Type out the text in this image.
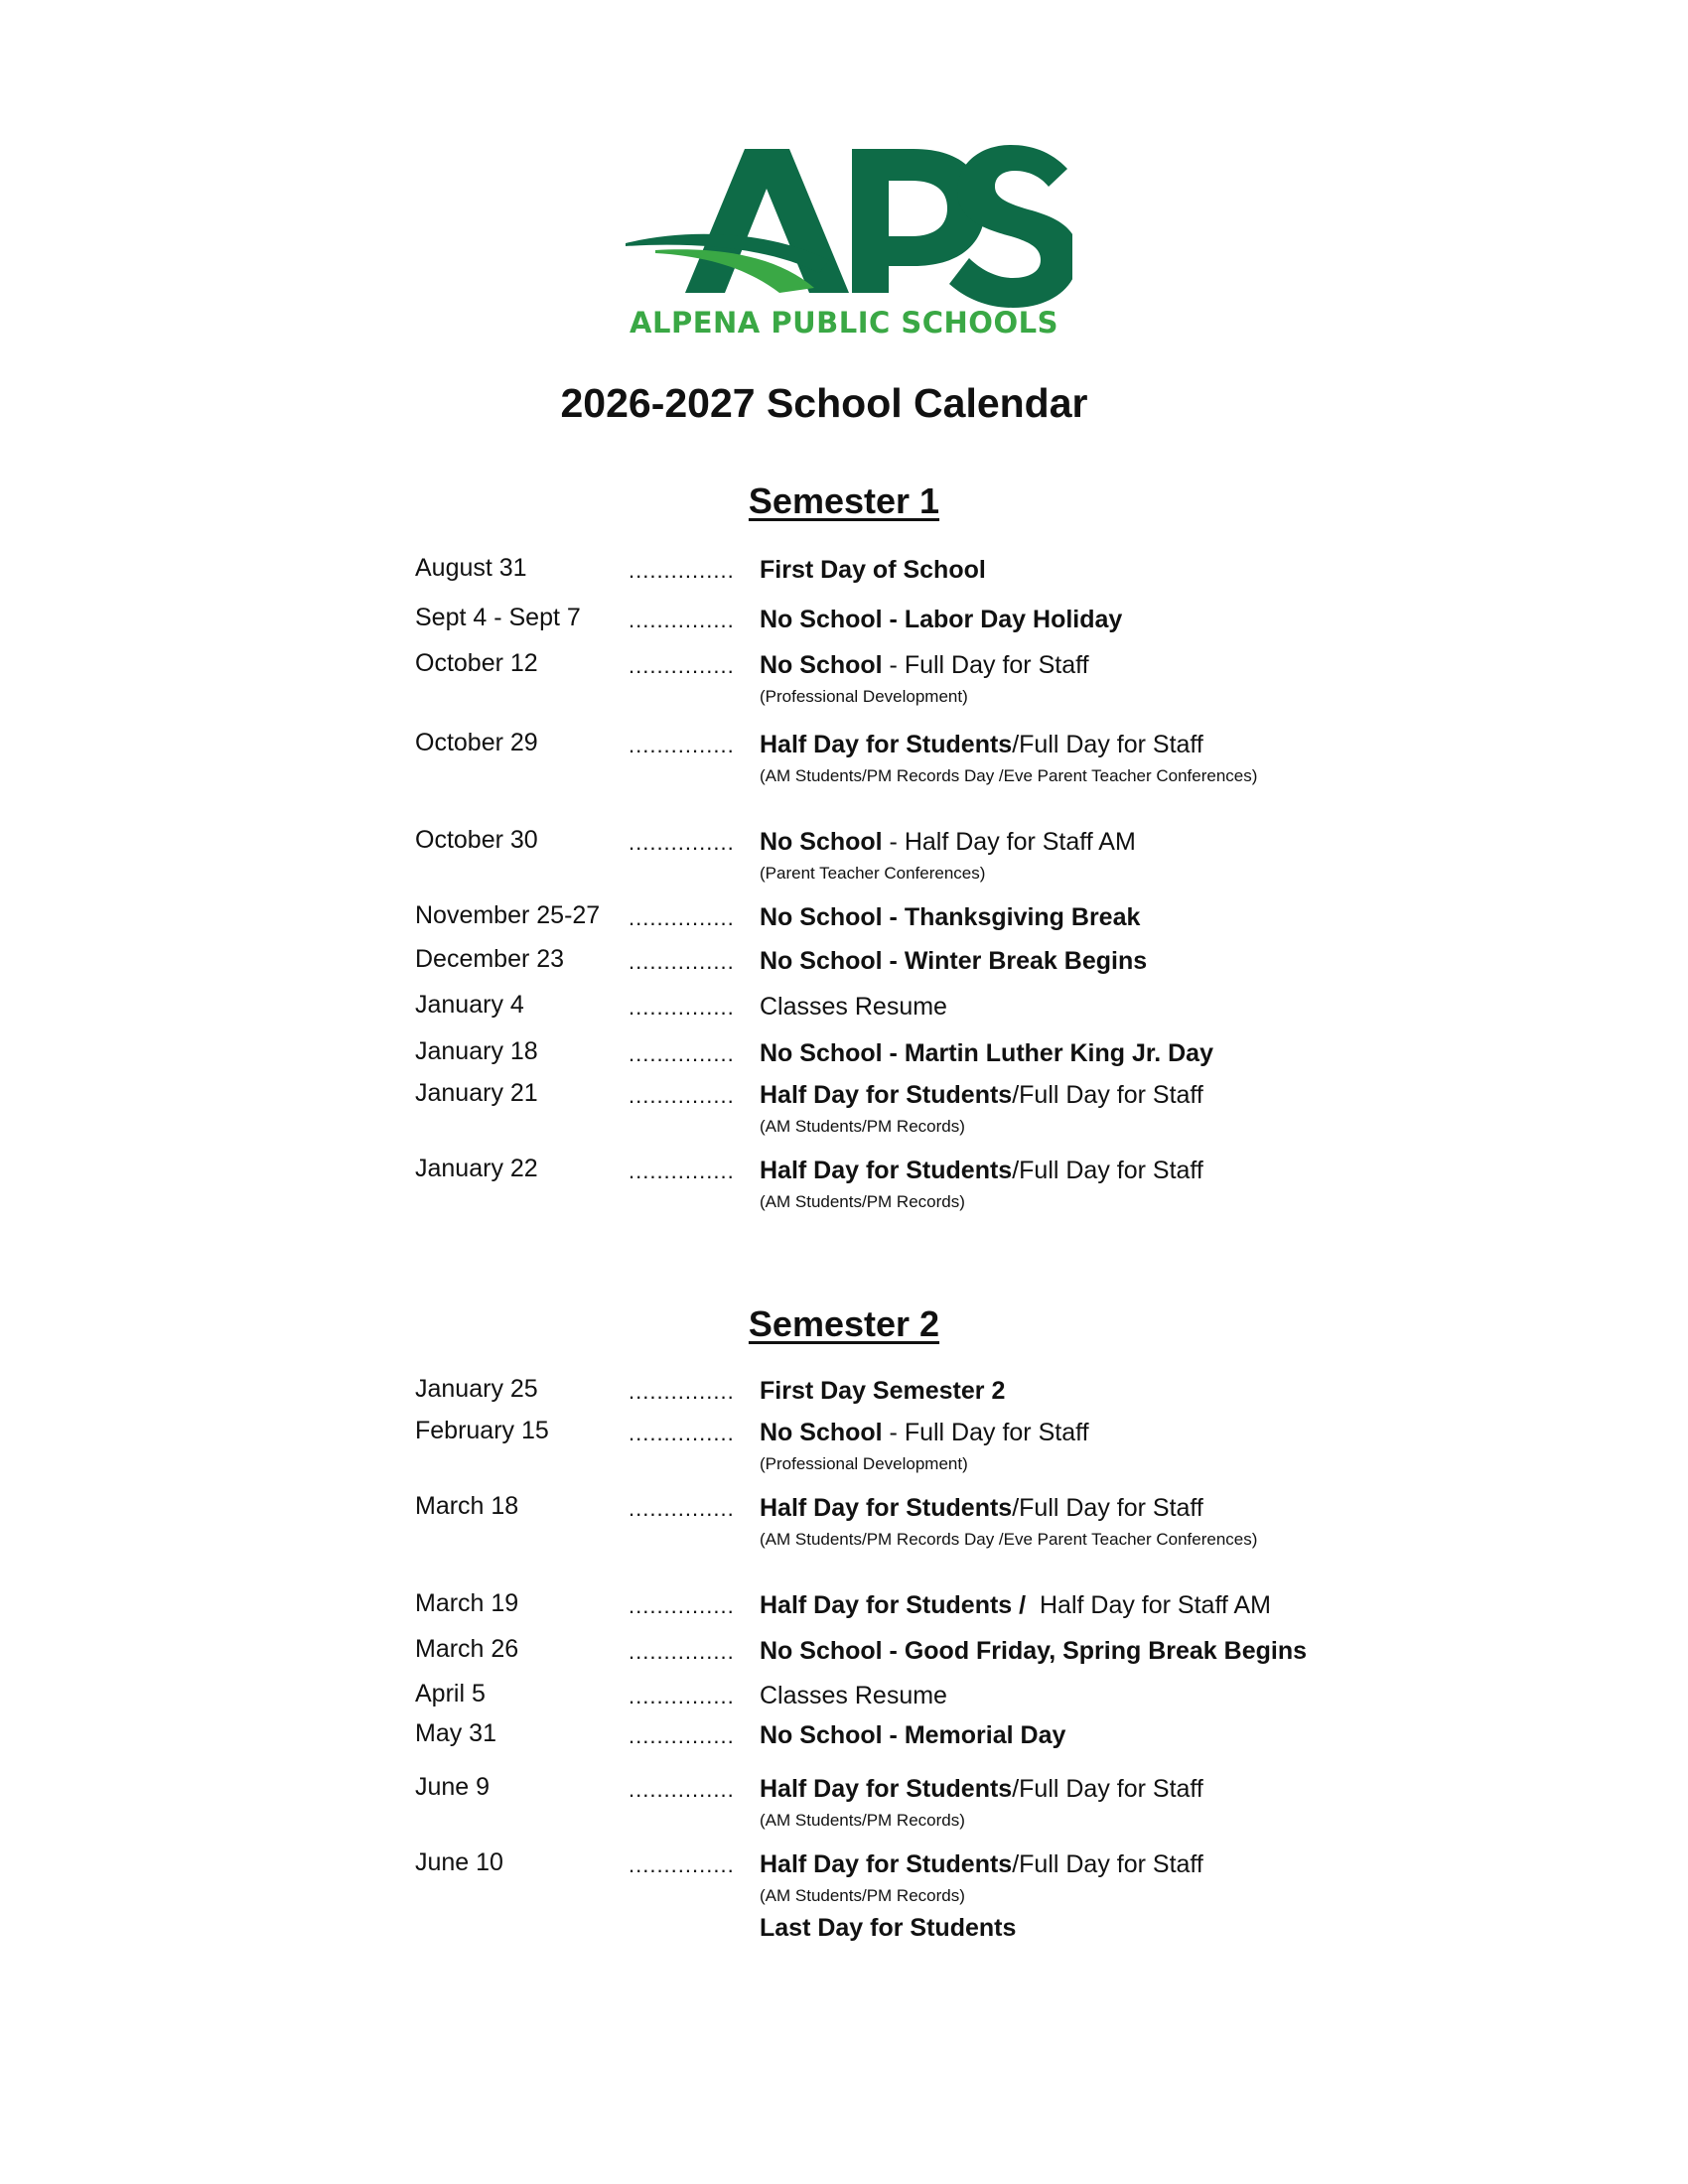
ALPENA PUBLIC SCHOOLS
2026-2027 School Calendar
Semester 1
August 31	............... First Day of School
Sept 4 - Sept 7 ............... No School - Labor Day Holiday
October 12	............... No School - Full Day for Staff
(Professional Development)
October 29	............... Half Day for Students/Full Day for Staff
(AM Students/PM Records Day /Eve Parent Teacher Conferences)
October 30	............... No School - Half Day for Staff AM
(Parent Teacher Conferences)
November 25-27 ............... No School - Thanksgiving Break
December 23	............... No School - Winter Break Begins
January 4	............... Classes Resume
January 18	............... No School - Martin Luther King Jr. Day
January 21	............... Half Day for Students/Full Day for Staff
(AM Students/PM Records)
January 22	............... Half Day for Students/Full Day for Staff
(AM Students/PM Records)
Semester 2
January 25	............... First Day Semester 2
February 15	............... No School - Full Day for Staff
(Professional Development)
March 18	............... Half Day for Students/Full Day for Staff
(AM Students/PM Records Day /Eve Parent Teacher Conferences)
March 19	............... Half Day for Students /  Half Day for Staff AM
March 26	............... No School - Good Friday, Spring Break Begins
April 5	............... Classes Resume
May 31	............... No School - Memorial Day
June 9	............... Half Day for Students/Full Day for Staff
(AM Students/PM Records)
June 10	............... Half Day for Students/Full Day for Staff
(AM Students/PM Records)
Last Day for Students
